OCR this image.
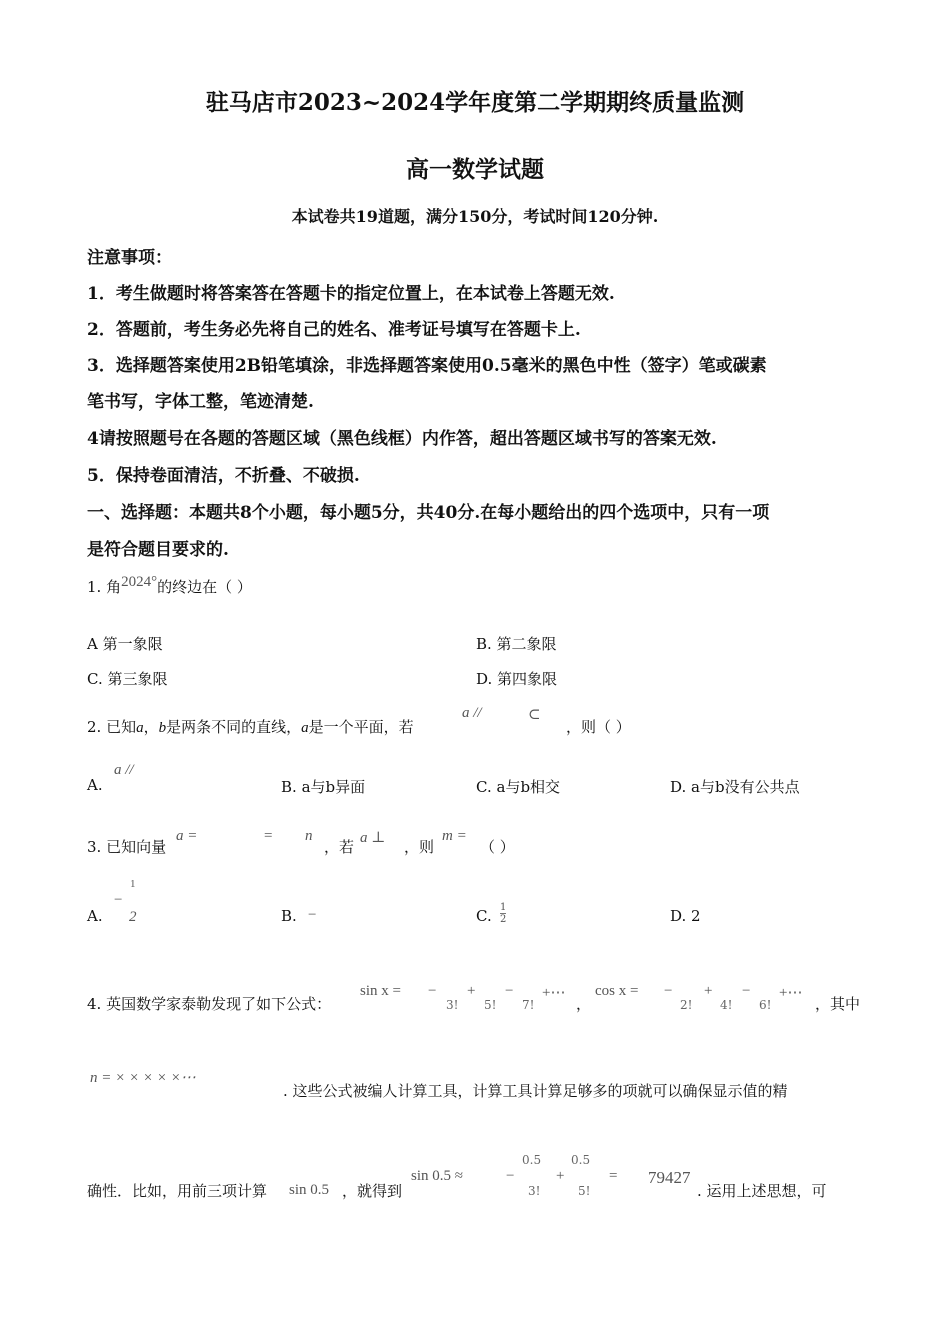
驻马店市2023~2024学年度第二学期期终质量监测
高一数学试题
本试卷共19道题，满分150分，考试时间120分钟.
注意事项：
1．考生做题时将答案答在答题卡的指定位置上，在本试卷上答题无效.
2．答题前，考生务必先将自己的姓名、准考证号填写在答题卡上.
3．选择题答案使用2B铅笔填涂，非选择题答案使用0.5毫米的黑色中性（签字）笔或碳素
笔书写，字体工整，笔迹清楚.
4请按照题号在各题的答题区域（黑色线框）内作答，超出答题区域书写的答案无效.
5．保持卷面清洁，不折叠、不破损.
一、选择题：本题共8个小题，每小题5分，共40分.在每小题给出的四个选项中，只有一项
是符合题目要求的.
1. 角2024°的终边在（ ）
A 第一象限	B. 第二象限
C. 第三象限	D. 第四象限
2. 已知a，b是两条不同的直线，a是一个平面，若
a //	⊂
，则（ ）
A.
a //
B. a与b异面	C. a与b相交	D. a与b没有公共点
3. 已知向量
a =	= n
，若 a ⊥ ，则
m =
（ ）
A.
−
1
2	B. −	C. $\frac{1}{2}$	D. 2
4. 英国数学家泰勒发现了如下公式：
sin x = −
3!
+
5!
−
7!
+⋯
，
cos x = −
2!
+
4!
−
6!
+⋯
，其中
n = × × × × ×⋯
. 这些公式被编人计算工具，计算工具计算足够多的项就可以确保显示值的精
确性．比如，用前三项计算 sin 0.5 ，就得到
sin 0.5 ≈	−
0.5
3!
+
0.5
5!
= 79427
. 运用上述思想，可
